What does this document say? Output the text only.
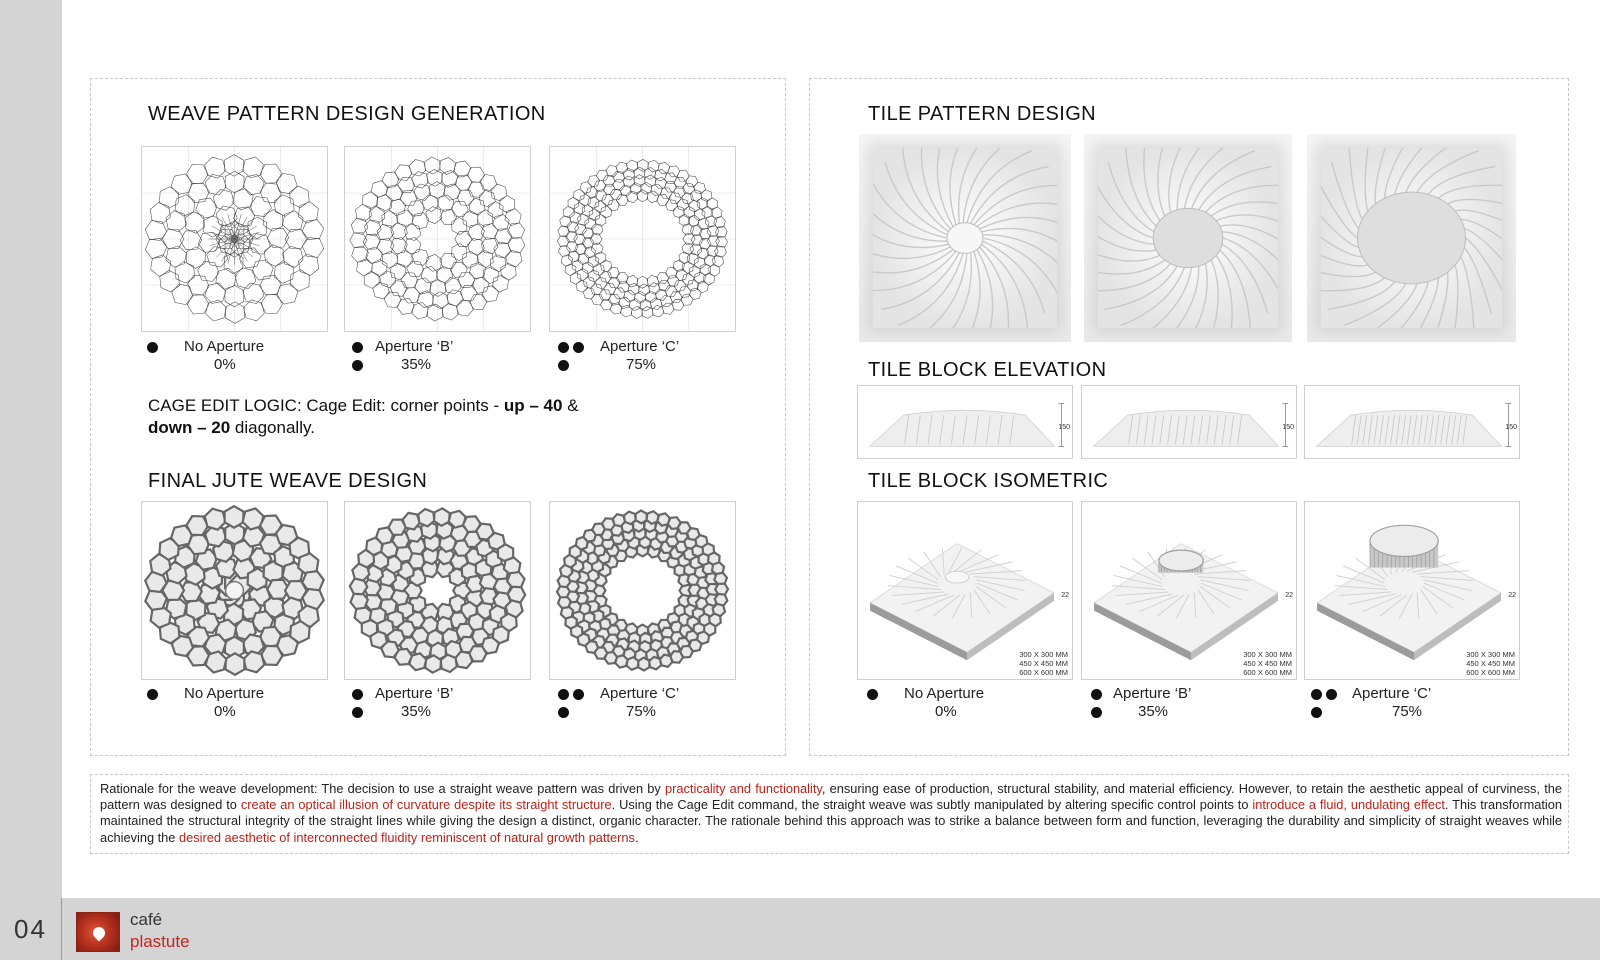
04	café
plastute
WEAVE PATTERN DESIGN GENERATION
No Aperture
0%
Aperture ‘B’
35%
Aperture ‘C’
75%
CAGE EDIT LOGIC: Cage Edit: corner points - up – 40 &
down – 20 diagonally.
FINAL JUTE WEAVE DESIGN
No Aperture
0%
Aperture ‘B’
35%
Aperture ‘C’
75%
TILE PATTERN DESIGN
TILE BLOCK ELEVATION
150	150	150
TILE BLOCK ISOMETRIC
22
300 X 300 MM
450 X 450 MM
600 X 600 MM
22
300 X 300 MM
450 X 450 MM
600 X 600 MM
22
300 X 300 MM
450 X 450 MM
600 X 600 MM
No Aperture
0%
Aperture ‘B’
35%
Aperture ‘C’
75%
Rationale for the weave development: The decision to use a straight weave pattern was driven by practicality and functionality, ensuring ease of production, structural stability, and material efficiency. However, to retain the aesthetic appeal of curviness, the pattern was designed to create an optical illusion of curvature despite its straight structure. Using the Cage Edit command, the straight weave was subtly manipulated by altering specific control points to introduce a fluid, undulating effect. This transformation maintained the structural integrity of the straight lines while giving the design a distinct, organic character. The rationale behind this approach was to strike a balance between form and function, leveraging the durability and simplicity of straight weaves while achieving the desired aesthetic of interconnected fluidity reminiscent of natural growth patterns.
